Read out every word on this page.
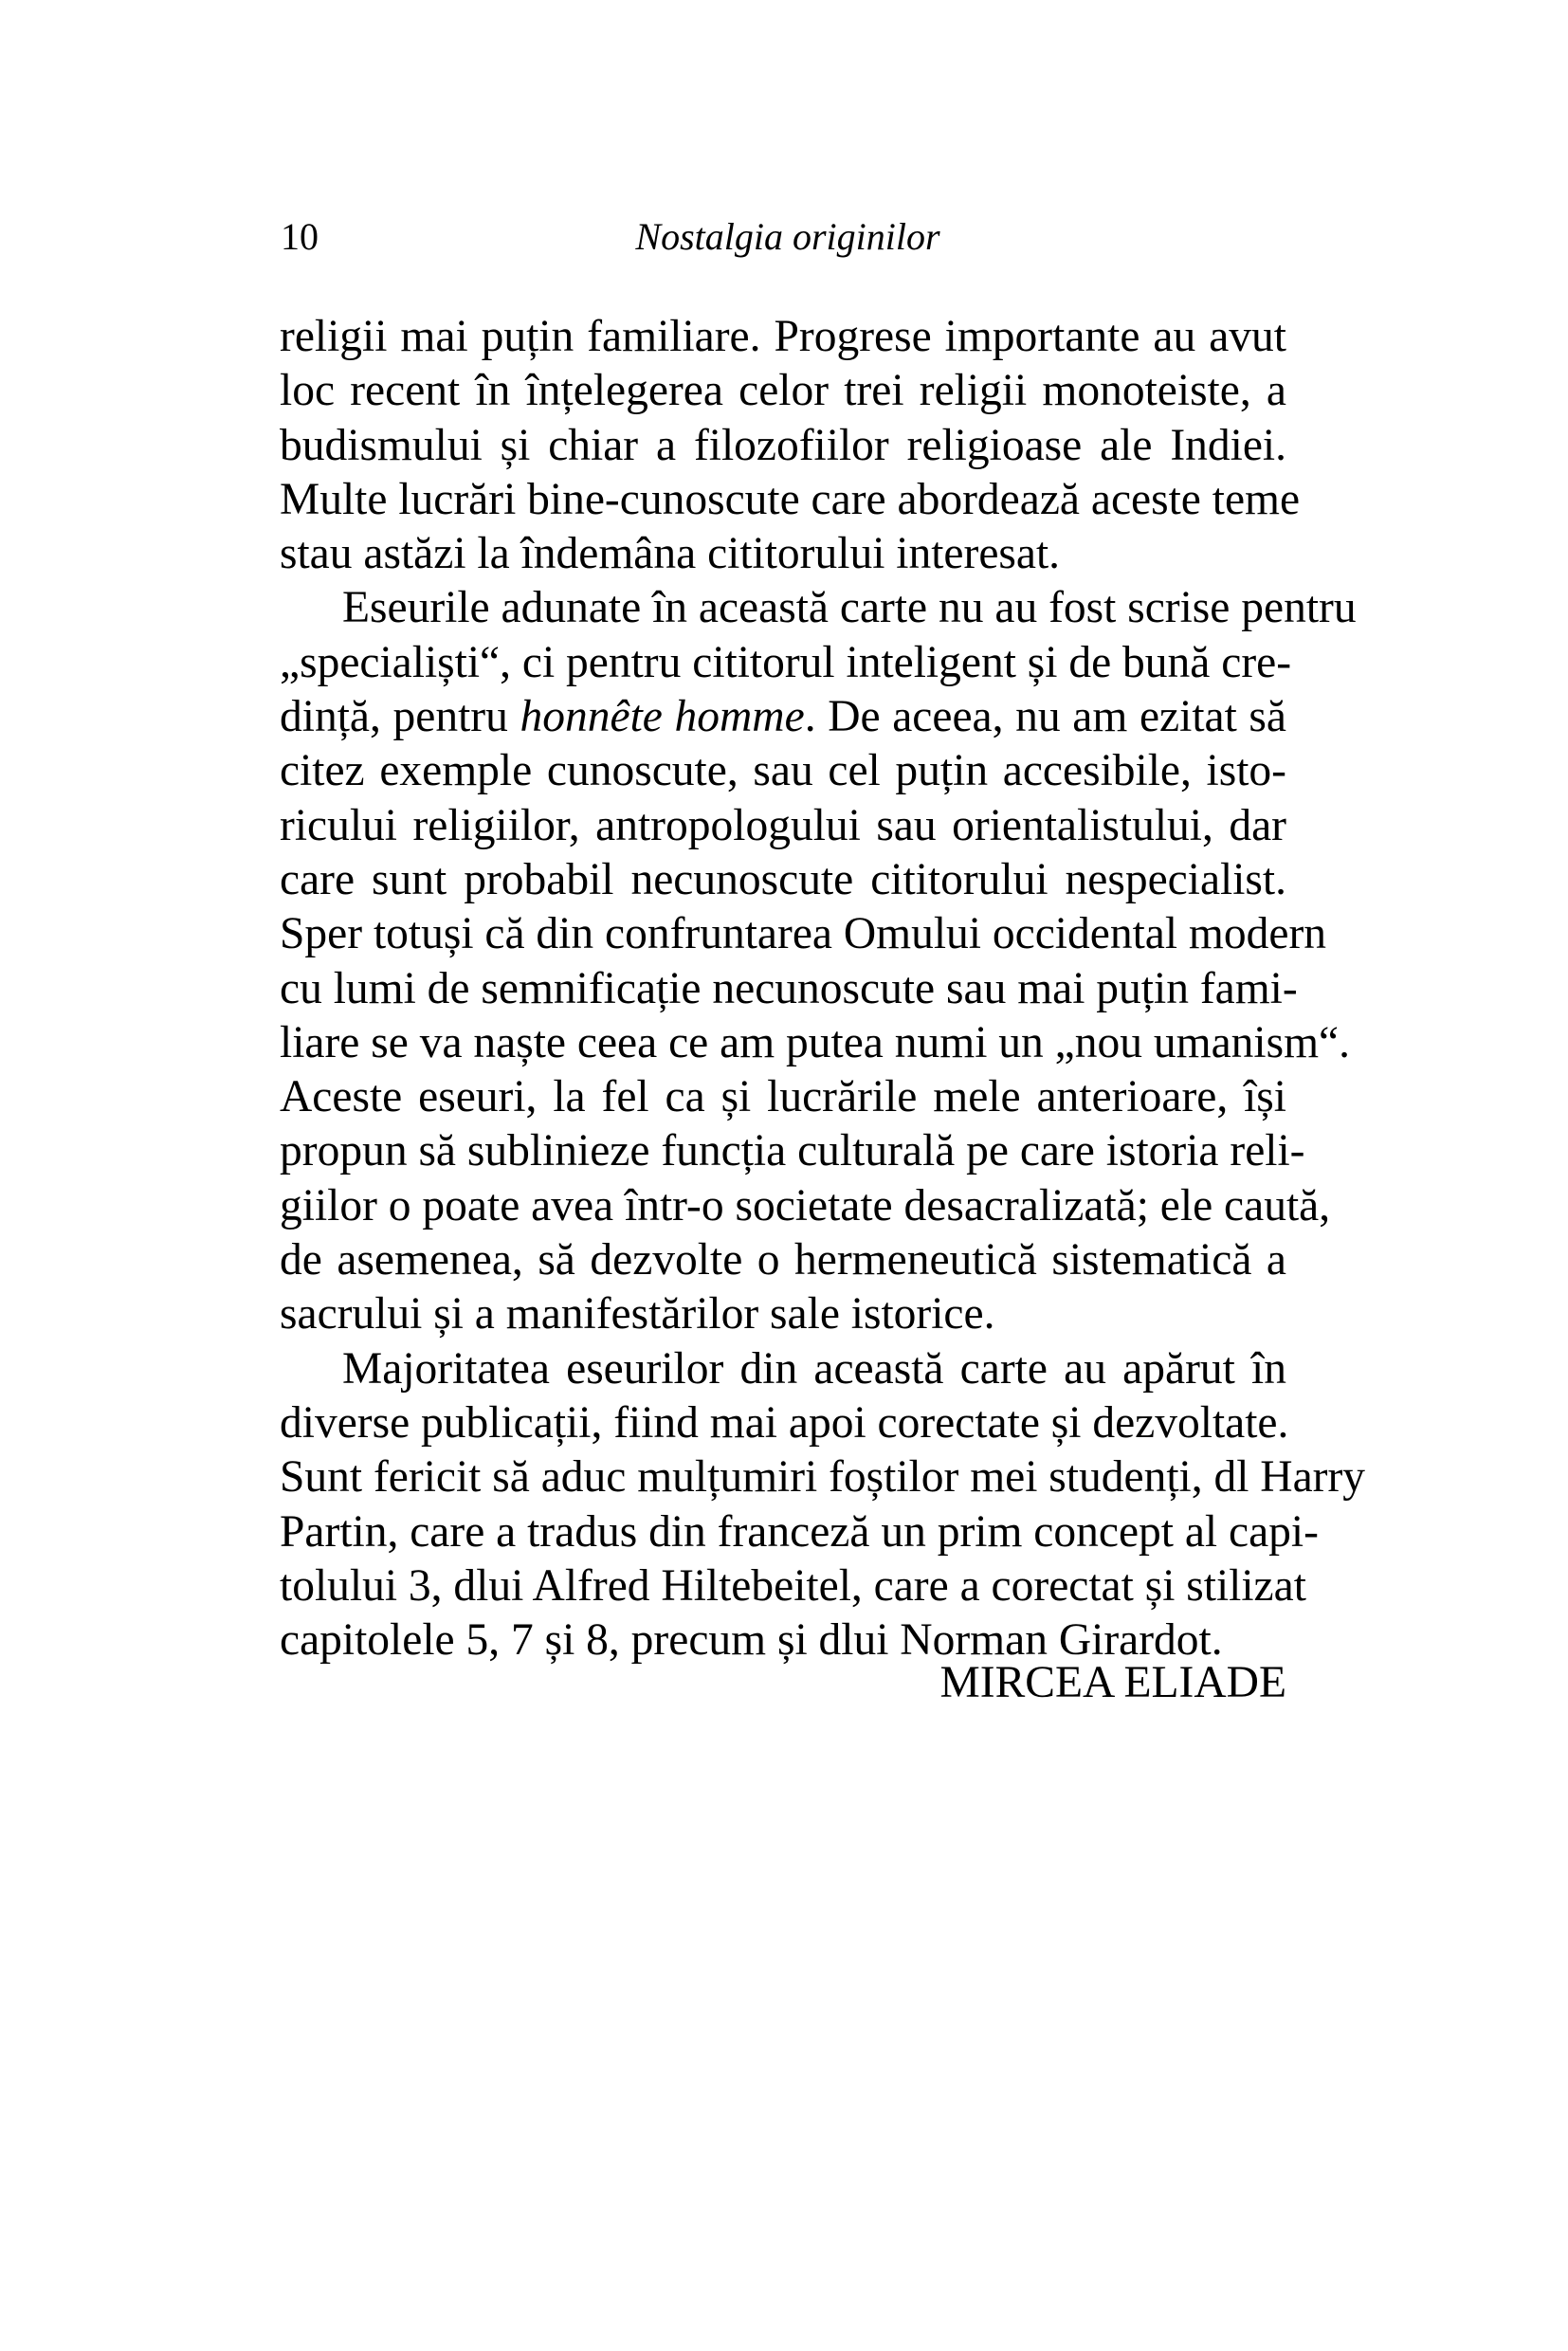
10	Nostalgia originilor
religii mai puțin familiare. Progrese importante au avut
loc recent în înțelegerea celor trei religii monoteiste, a
budismului și chiar a filozofiilor religioase ale Indiei.
Multe lucrări bine-cunoscute care abordează aceste teme
stau astăzi la îndemâna cititorului interesat.
Eseurile adunate în această carte nu au fost scrise pentru
„specialiști“, ci pentru cititorul inteligent și de bună cre-
dință, pentru honnête homme. De aceea, nu am ezitat să
citez exemple cunoscute, sau cel puțin accesibile, isto-
ricului religiilor, antropologului sau orientalistului, dar
care sunt probabil necunoscute cititorului nespecialist.
Sper totuși că din confruntarea Omului occidental modern
cu lumi de semnificație necunoscute sau mai puțin fami-
liare se va naște ceea ce am putea numi un „nou umanism“.
Aceste eseuri, la fel ca și lucrările mele anterioare, își
propun să sublinieze funcția culturală pe care istoria reli-
giilor o poate avea într-o societate desacralizată; ele caută,
de asemenea, să dezvolte o hermeneutică sistematică a
sacrului și a manifestărilor sale istorice.
Majoritatea eseurilor din această carte au apărut în
diverse publicații, fiind mai apoi corectate și dezvoltate.
Sunt fericit să aduc mulțumiri foștilor mei studenți, dl Harry
Partin, care a tradus din franceză un prim concept al capi-
tolului 3, dlui Alfred Hiltebeitel, care a corectat și stilizat
capitolele 5, 7 și 8, precum și dlui Norman Girardot.
MIRCEA ELIADE
